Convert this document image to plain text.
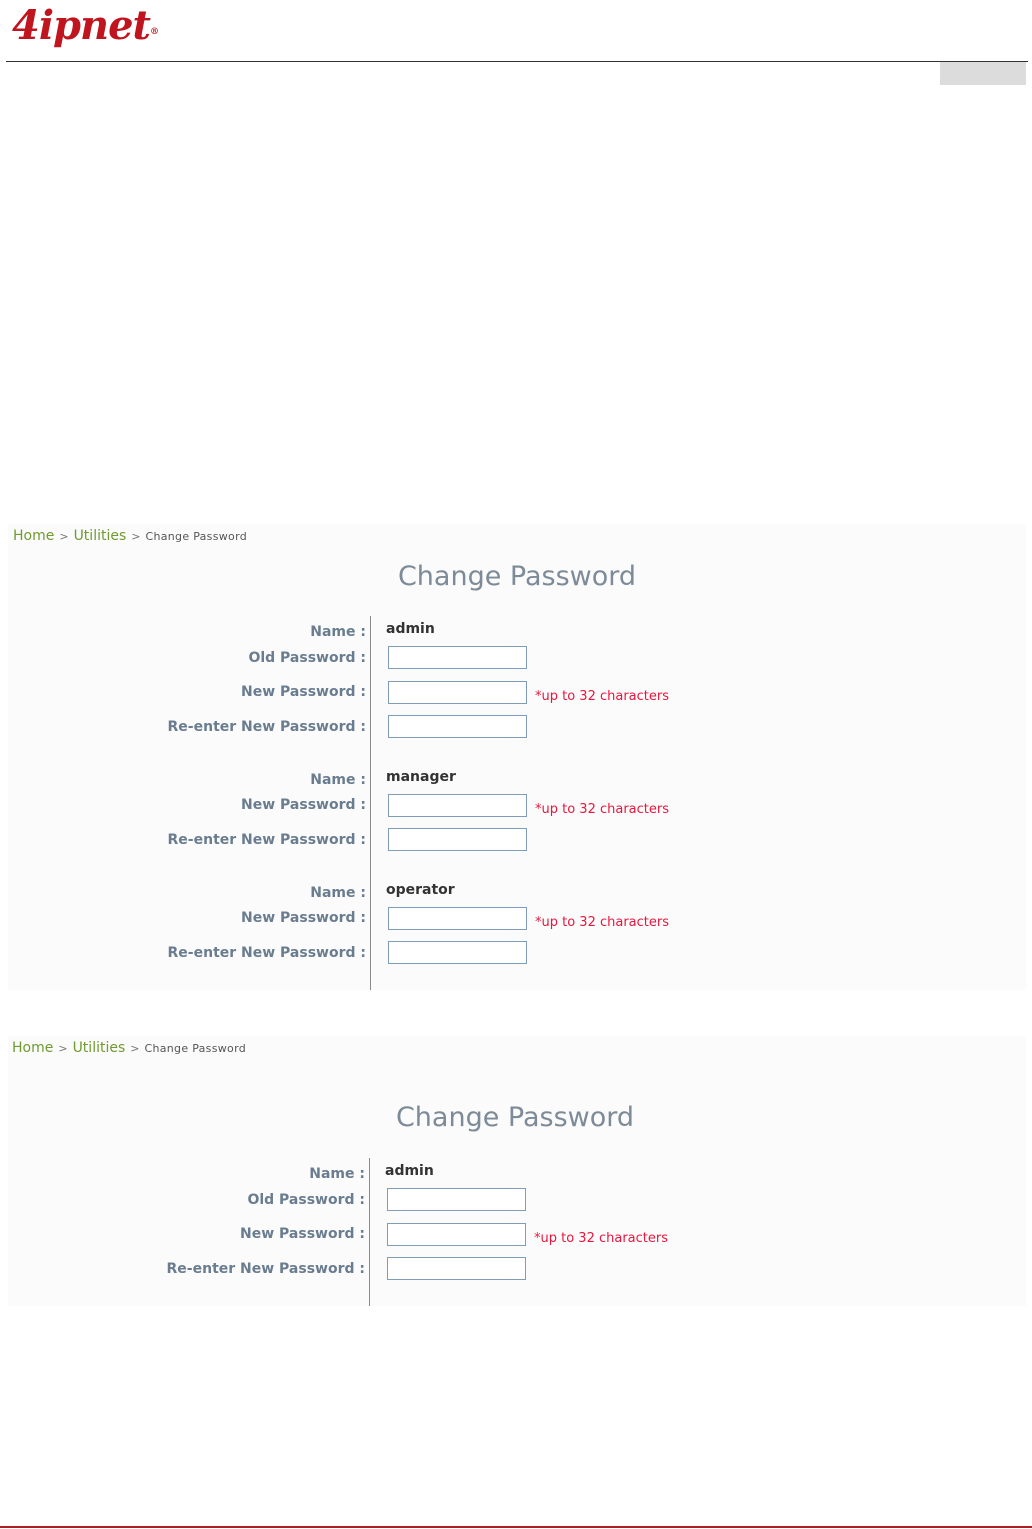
4ipnet®
Home > Utilities > Change Password
Change Password
Name : admin
Old Password :
New Password :	*up to 32 characters
Re-enter New Password :
Name : manager
New Password :	*up to 32 characters
Re-enter New Password :
Name : operator
New Password :	*up to 32 characters
Re-enter New Password :
Home > Utilities > Change Password
Change Password
Name : admin
Old Password :
New Password :	*up to 32 characters
Re-enter New Password :
